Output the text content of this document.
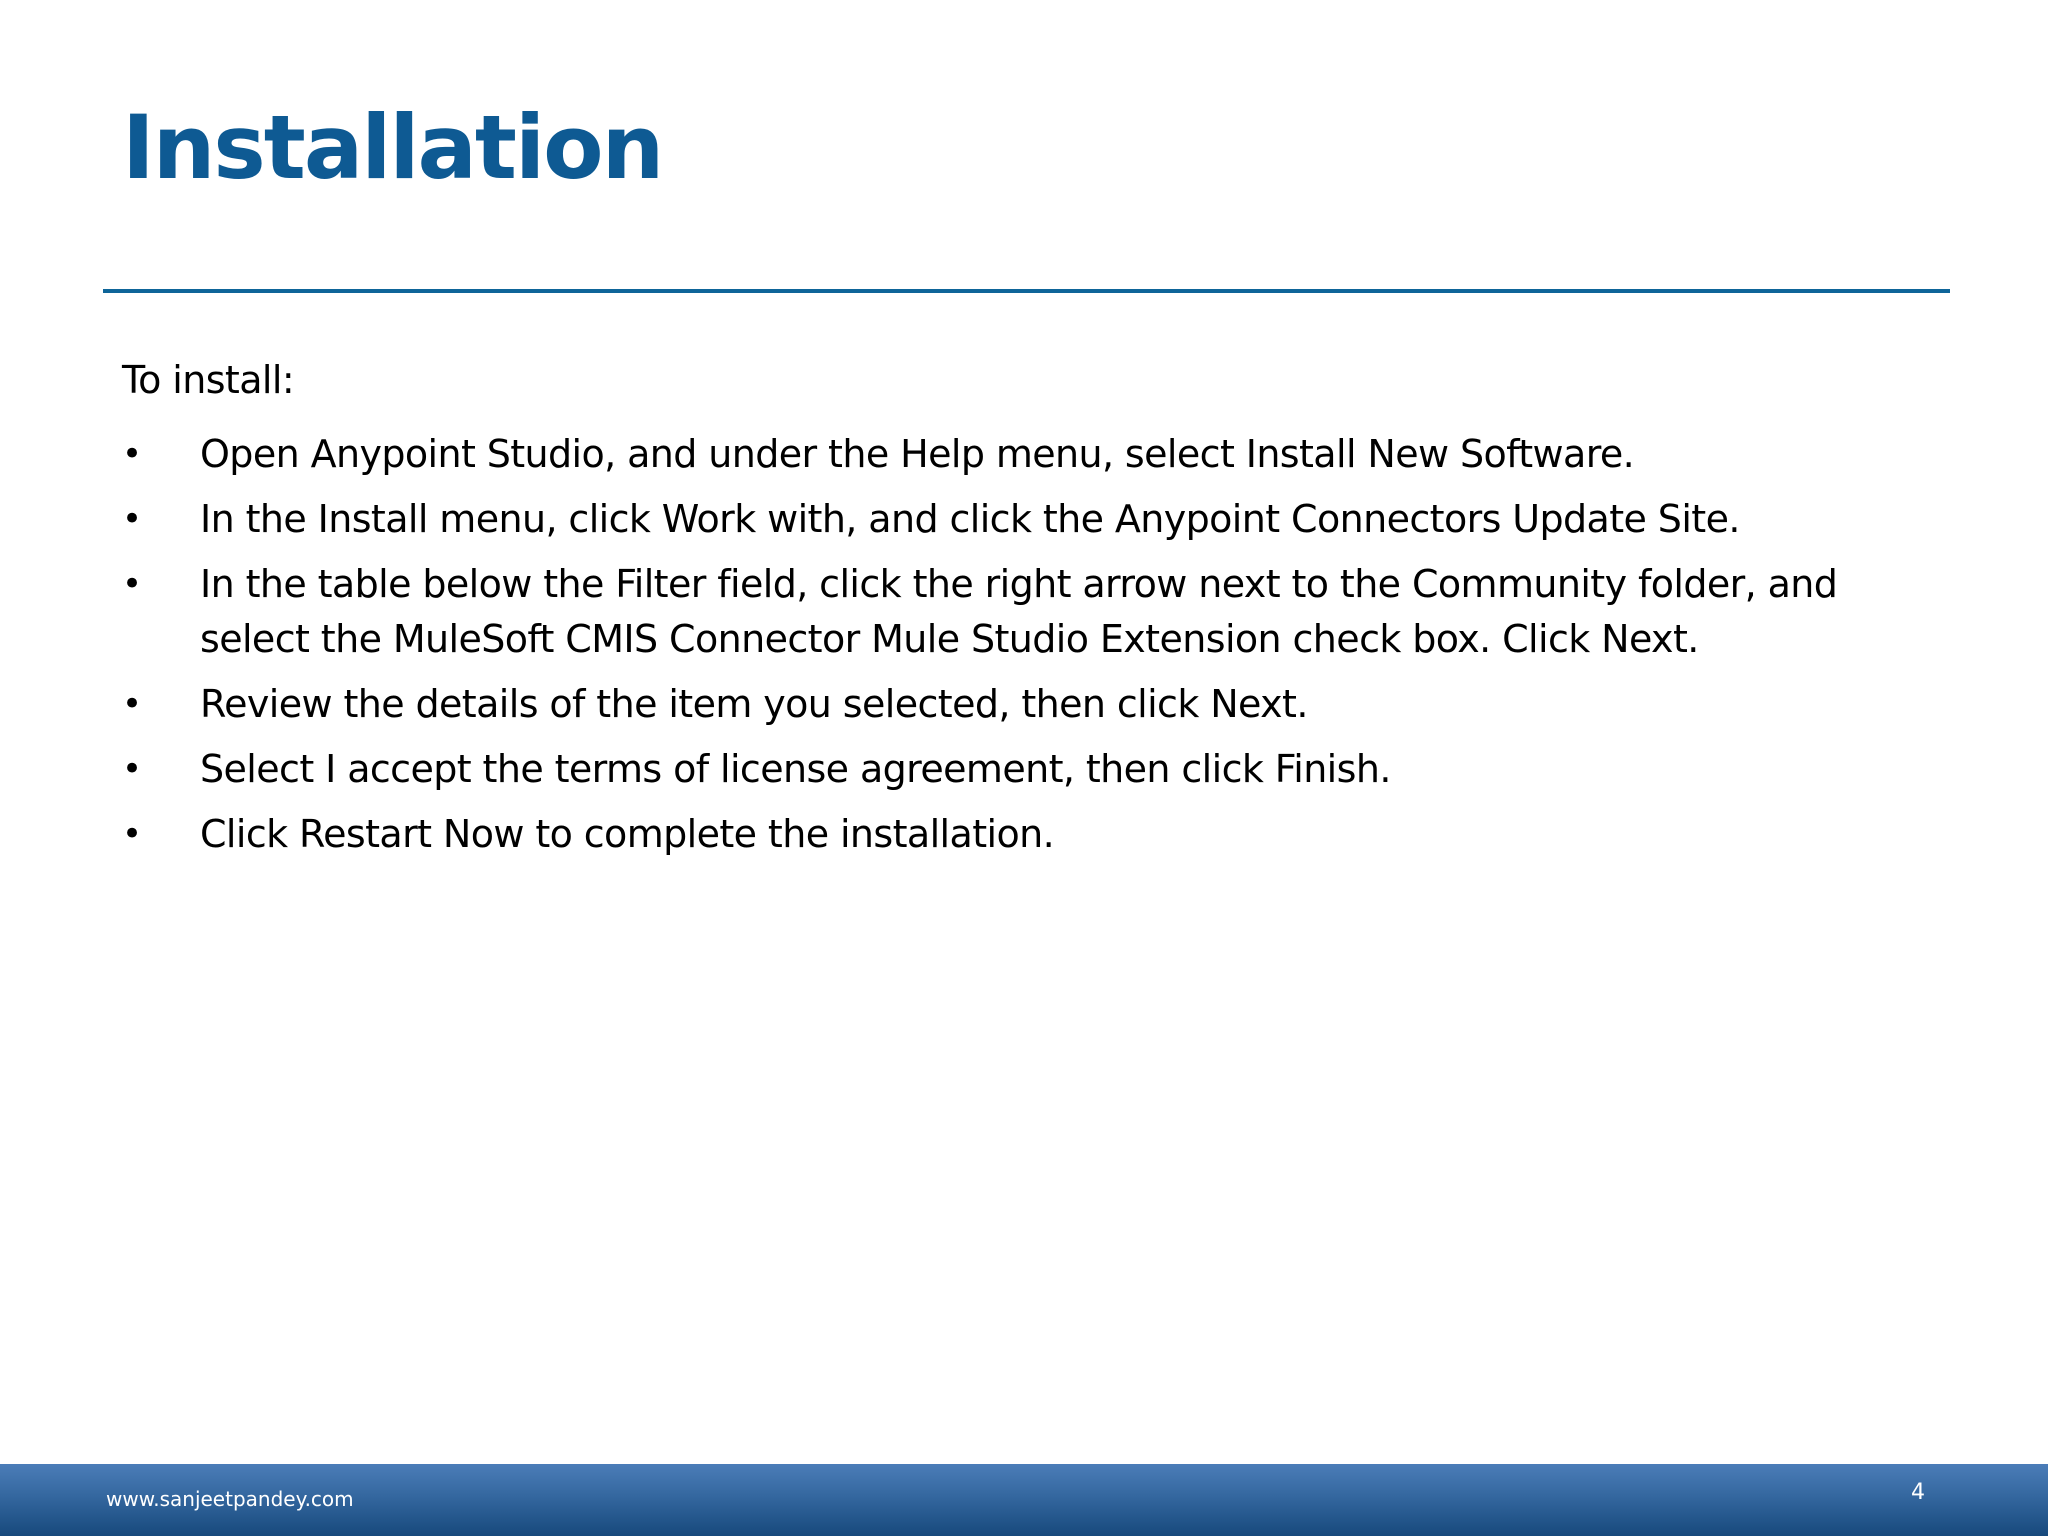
Installation

To install:

• Open Anypoint Studio, and under the Help menu, select Install New Software.
• In the Install menu, click Work with, and click the Anypoint Connectors Update Site.
• In the table below the Filter field, click the right arrow next to the Community folder, and select the MuleSoft CMIS Connector Mule Studio Extension check box. Click Next.
• Review the details of the item you selected, then click Next.
• Select I accept the terms of license agreement, then click Finish.
• Click Restart Now to complete the installation.
www.sanjeetpandey.com	4
